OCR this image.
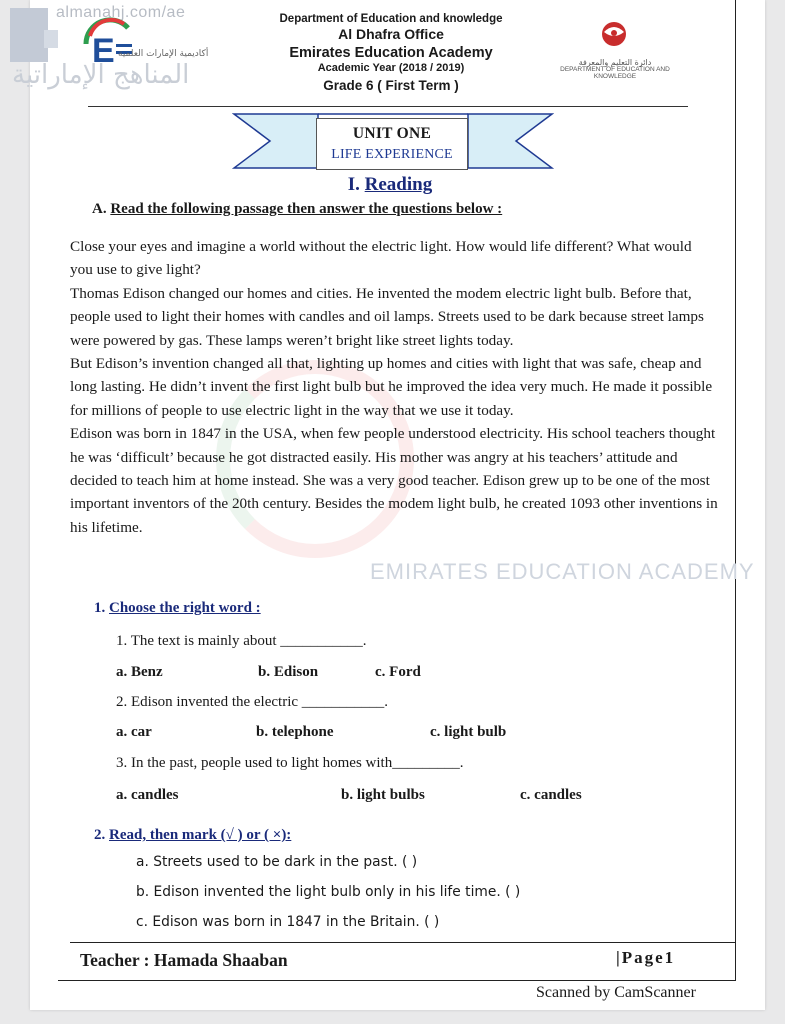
almanahj.com/ae
المناهج الإماراتية
E أكاديمية الإمارات العلمية
Department of Education and knowledge
Al Dhafra Office
Emirates Education Academy
Academic Year (2018 / 2019)
Grade 6 ( First Term )
دائرة التعليم والمعرفة
DEPARTMENT OF EDUCATION AND KNOWLEDGE
UNIT ONE
LIFE EXPERIENCE
I. Reading
A. Read the following passage then answer the questions below :
EMIRATES EDUCATION ACADEMY

Close your eyes and imagine a world without the electric light. How would life different? What would you use to give light?

Thomas Edison changed our homes and cities. He invented the modem electric light bulb. Before that, people used to light their homes with candles and oil lamps. Streets used to be dark because street lamps were powered by gas. These lamps weren’t bright like street lights today.

But Edison’s invention changed all that, lighting up homes and cities with light that was safe, cheap and long lasting. He didn’t invent the first light bulb but he improved the idea very much. He made it possible for millions of people to use electric light in the way that we use it today.

Edison was born in 1847 in the USA, when few people understood electricity. His school teachers thought he was ‘difficult’ because he got distracted easily. His mother was angry at his teachers’ attitude and decided to teach him at home instead. She was a very good teacher. Edison grew up to be one of the most important inventors of the 20th century. Besides the modem light bulb, he created 1093 other inventions in his lifetime.

1. Choose the right word :
1. The text is mainly about ___________.
a. Benz	b. Edison	c. Ford
2. Edison invented the electric ___________.
a. car	b. telephone	c. light bulb
3. In the past, people used to light homes with_________.
a. candles	b. light bulbs	c. candles
2. Read, then mark (√ ) or ( ×):
a. Streets used to be dark in the past. ( )
b. Edison invented the light bulb only in his life time. ( )
c. Edison was born in 1847 in the Britain. ( )
Teacher : Hamada Shaaban	|Page1
Scanned by CamScanner
